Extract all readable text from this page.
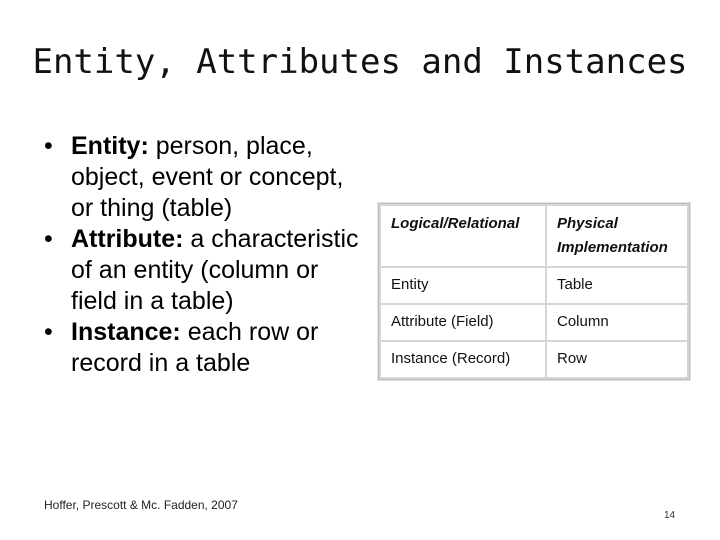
Entity, Attributes and Instances
• Entity: person, place, object, event or concept, or thing (table)
• Attribute: a characteristic of an entity (column or field in a table)
• Instance: each row or record in a table
Logical/Relational	Physical Implementation
Entity	Table
Attribute (Field)	Column
Instance (Record)	Row
Hoffer, Prescott & Mc. Fadden, 2007
14
